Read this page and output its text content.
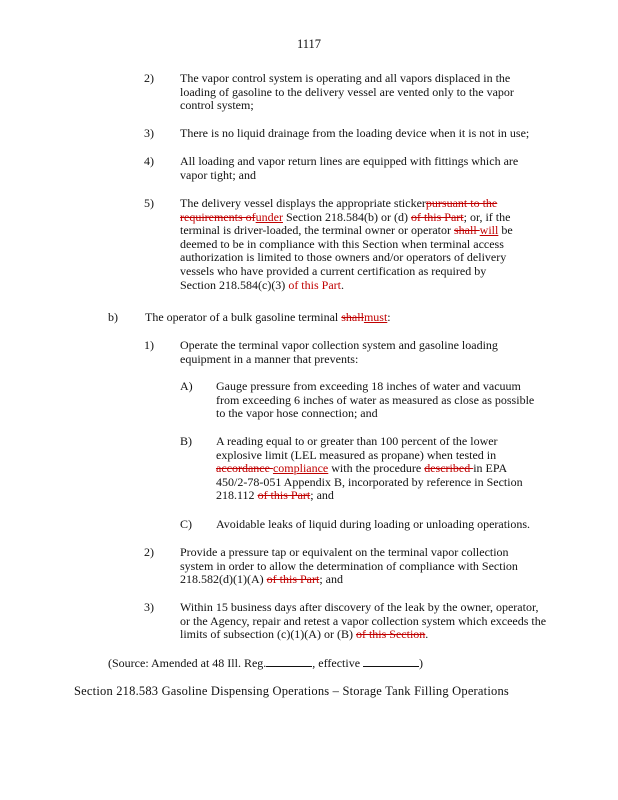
1117
2) The vapor control system is operating and all vapors displaced in the loading of gasoline to the delivery vessel are vented only to the vapor control system;
3) There is no liquid drainage from the loading device when it is not in use;
4) All loading and vapor return lines are equipped with fittings which are vapor tight; and
5) The delivery vessel displays the appropriate stickerpursuant to the requirements ofunder Section 218.584(b) or (d) of this Part; or, if the terminal is driver-loaded, the terminal owner or operator shall will be deemed to be in compliance with this Section when terminal access authorization is limited to those owners and/or operators of delivery vessels who have provided a current certification as required by Section 218.584(c)(3) of this Part.
b) The operator of a bulk gasoline terminal shallmust:
1) Operate the terminal vapor collection system and gasoline loading equipment in a manner that prevents:
A) Gauge pressure from exceeding 18 inches of water and vacuum from exceeding 6 inches of water as measured as close as possible to the vapor hose connection; and
B) A reading equal to or greater than 100 percent of the lower explosive limit (LEL measured as propane) when tested in accordance compliance with the procedure described in EPA 450/2-78-051 Appendix B, incorporated by reference in Section 218.112 of this Part; and
C) Avoidable leaks of liquid during loading or unloading operations.
2) Provide a pressure tap or equivalent on the terminal vapor collection system in order to allow the determination of compliance with Section 218.582(d)(1)(A) of this Part; and
3) Within 15 business days after discovery of the leak by the owner, operator, or the Agency, repair and retest a vapor collection system which exceeds the limits of subsection (c)(1)(A) or (B) of this Section.
(Source: Amended at 48 Ill. Reg.	, effective	)
Section 218.583 Gasoline Dispensing Operations – Storage Tank Filling Operations
